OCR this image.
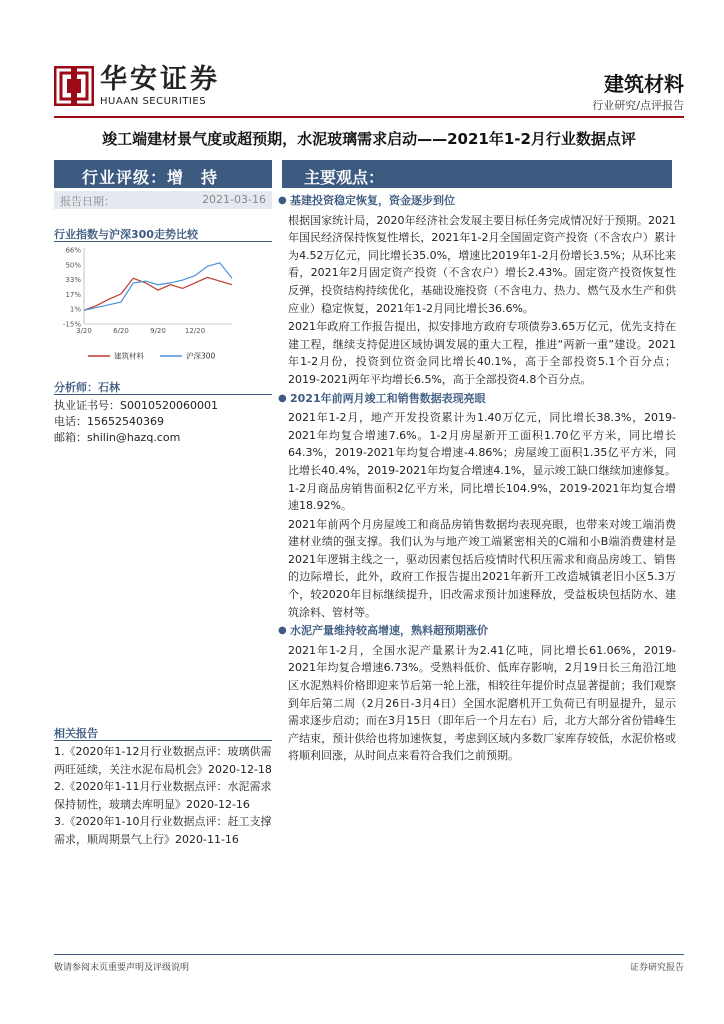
华安证券
HUAAN SECURITIES
建筑材料
行业研究/点评报告
竣工端建材景气度或超预期，水泥玻璃需求启动——2021年1-2月行业数据点评
行业评级：增　持
报告日期：	2021-03-16
行业指数与沪深300走势比较
66%
50%
33%
17%
1%
-15%
3/20	6/20	9/20	12/20
建筑材料	沪深300
分析师：石林
执业证书号：S0010520060001
电话：15652540369
邮箱：shilin@hazq.com
相关报告
1.《2020年1-12月行业数据点评：玻璃供需两旺延续，关注水泥布局机会》2020-12-18
2.《2020年1-11月行业数据点评：水泥需求保持韧性，玻璃去库明显》2020-12-16
3.《2020年1-10月行业数据点评：赶工支撑需求，顺周期景气上行》2020-11-16
主要观点：
● 基建投资稳定恢复，资金逐步到位
根据国家统计局，2020年经济社会发展主要目标任务完成情况好于预期。2021年国民经济保持恢复性增长，2021年1-2月全国固定资产投资（不含农户）累计为4.52万亿元，同比增长35.0%，增速比2019年1-2月份增长3.5%；从环比来看，2021年2月固定资产投资（不含农户）增长2.43%。固定资产投资恢复性反弹，投资结构持续优化，基础设施投资（不含电力、热力、燃气及水生产和供应业）稳定恢复，2021年1-2月同比增长36.6%。
2021年政府工作报告提出，拟安排地方政府专项债券3.65万亿元，优先支持在建工程，继续支持促进区域协调发展的重大工程，推进“两新一重”建设。2021年1-2月份，投资到位资金同比增长40.1%，高于全部投资5.1个百分点；2019-2021两年平均增长6.5%，高于全部投资4.8个百分点。
● 2021年前两月竣工和销售数据表现亮眼
2021年1-2月，地产开发投资累计为1.40万亿元，同比增长38.3%，2019-2021年均复合增速7.6%。1-2月房屋新开工面积1.70亿平方米，同比增长64.3%，2019-2021年均复合增速-4.86%；房屋竣工面积1.35亿平方米，同比增长40.4%，2019-2021年均复合增速4.1%，显示竣工缺口继续加速修复。1-2月商品房销售面积2亿平方米，同比增长104.9%，2019-2021年均复合增速18.92%。
2021年前两个月房屋竣工和商品房销售数据均表现亮眼，也带来对竣工端消费建材业绩的强支撑。我们认为与地产竣工端紧密相关的C端和小B端消费建材是2021年逻辑主线之一，驱动因素包括后疫情时代积压需求和商品房竣工、销售的边际增长，此外，政府工作报告提出2021年新开工改造城镇老旧小区5.3万个，较2020年目标继续提升，旧改需求预计加速释放，受益板块包括防水、建筑涂料、管材等。
● 水泥产量维持较高增速，熟料超预期涨价
2021年1-2月，全国水泥产量累计为2.41亿吨，同比增长61.06%，2019-2021年均复合增速6.73%。受熟料低价、低库存影响，2月19日长三角沿江地区水泥熟料价格即迎来节后第一轮上涨，相较往年提价时点显著提前；我们观察到年后第二周（2月26日-3月4日）全国水泥磨机开工负荷已有明显提升，显示需求逐步启动；而在3月15日（即年后一个月左右）后，北方大部分省份错峰生产结束，预计供给也将加速恢复，考虑到区域内多数厂家库存较低，水泥价格或将顺利回涨，从时间点来看符合我们之前预期。
敬请参阅末页重要声明及评级说明	证券研究报告
